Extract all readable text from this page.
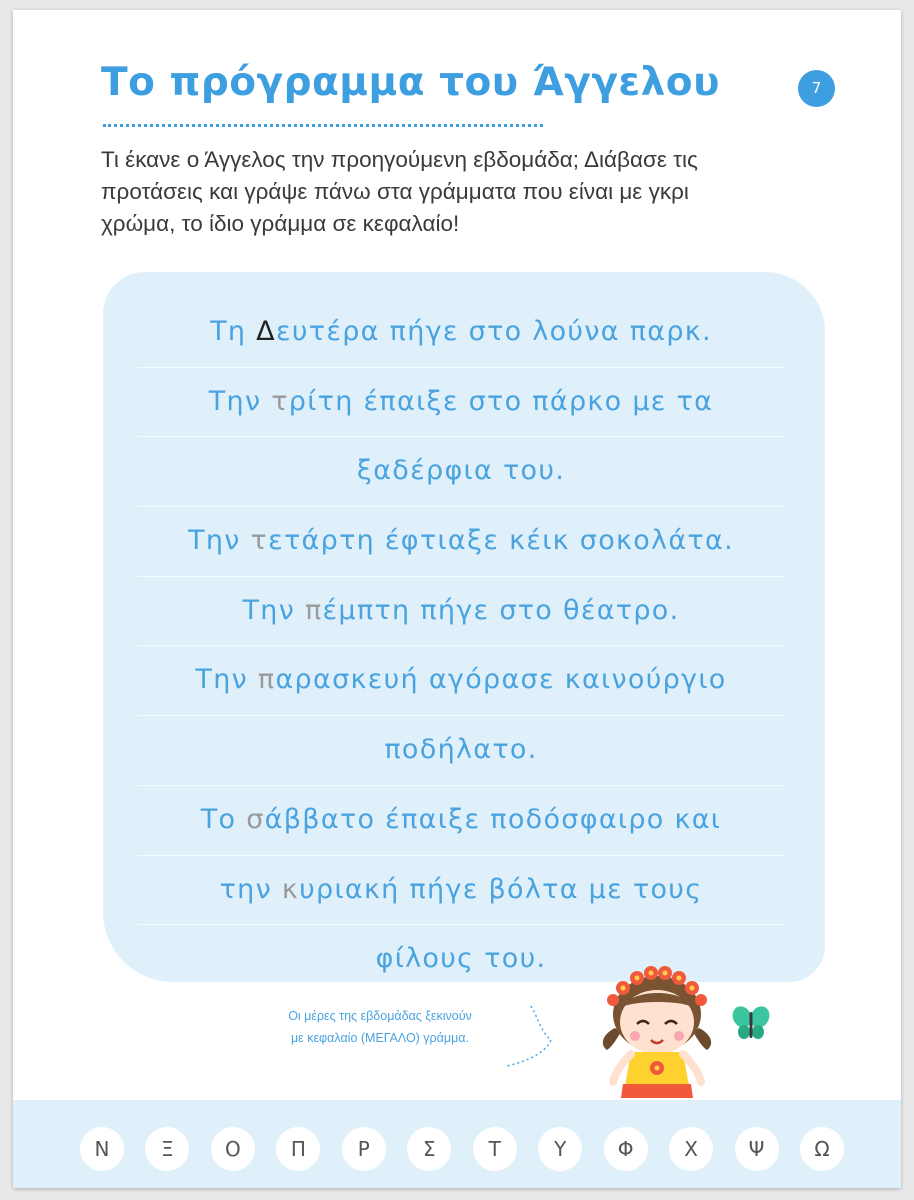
Το πρόγραμμα του Άγγελου	7

Τι έκανε ο Άγγελος την προηγούμενη εβδομάδα; Διάβασε τις προτάσεις και γράψε πάνω στα γράμματα που είναι με γκρι χρώμα, το ίδιο γράμμα σε κεφαλαίο!

Τη Δευτέρα πήγε στο λούνα παρκ.
Την τρίτη έπαιξε στο πάρκο με τα
ξαδέρφια του.
Την τετάρτη έφτιαξε κέικ σοκολάτα.
Την πέμπτη πήγε στο θέατρο.
Την παρασκευή αγόρασε καινούργιο
ποδήλατο.
Το σάββατο έπαιξε ποδόσφαιρο και
την κυριακή πήγε βόλτα με τους
φίλους του.

Οι μέρες της εβδομάδας ξεκινούν
με κεφαλαίο (ΜΕΓΑΛΟ) γράμμα.

Ν	Ξ	Ο	Π	Ρ	Σ	Τ	Υ	Φ	Χ	Ψ	Ω
